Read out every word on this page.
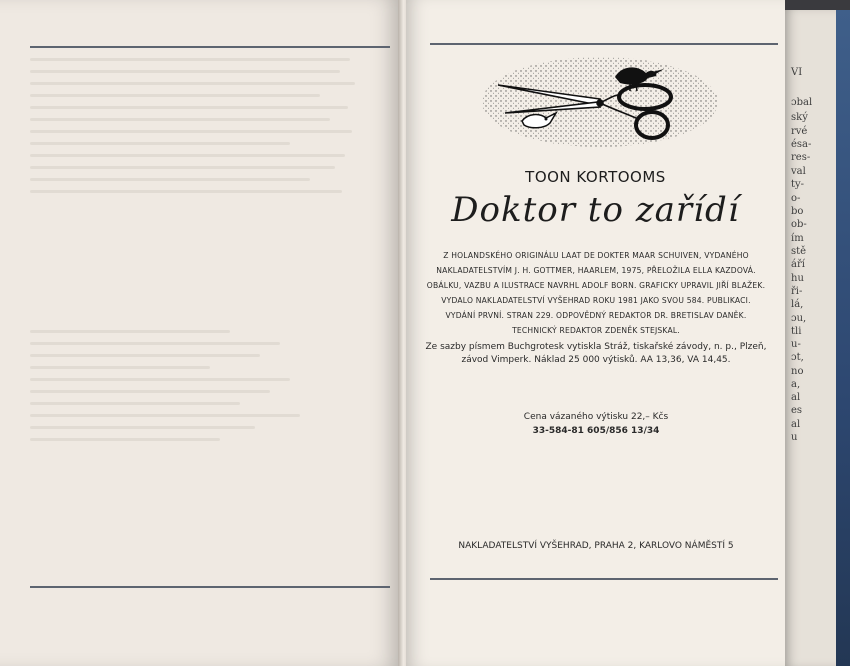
VI
ɔbal
ský
rvé
ésa-
res-
val
ty-
o-
bo
ob-
ím
stě
áří
hu
ři-
lá,
ɔu,
tli
u-
ɔt,
no
a,
al
es
al
u
TOON KORTOOMS
Doktor to zařídí
Z HOLANDSKÉHO ORIGINÁLU LAAT DE DOKTER MAAR SCHUIVEN, VYDANÉHO
NAKLADATELSTVÍM J. H. GOTTMER, HAARLEM, 1975, PŘELOŽILA ELLA KAZDOVÁ.
OBÁLKU, VAZBU A ILUSTRACE NAVRHL ADOLF BORN. GRAFICKY UPRAVIL JIŘÍ BLAŽEK.
VYDALO NAKLADATELSTVÍ VYŠEHRAD ROKU 1981 JAKO SVOU 584. PUBLIKACI.
VYDÁNÍ PRVNÍ. STRAN 229. ODPOVĚDNÝ REDAKTOR DR. BRETISLAV DANĚK.
TECHNICKÝ REDAKTOR ZDENĚK STEJSKAL.
Ze sazby písmem Buchgrotesk vytiskla Stráž, tiskařské závody, n. p., Plzeň,
závod Vimperk. Náklad 25 000 výtisků. AA 13,36, VA 14,45.
Cena vázaného výtisku 22,– Kčs
33-584-81 605/856 13/34
NAKLADATELSTVÍ VYŠEHRAD, PRAHA 2, KARLOVO NÁMĚSTÍ 5
